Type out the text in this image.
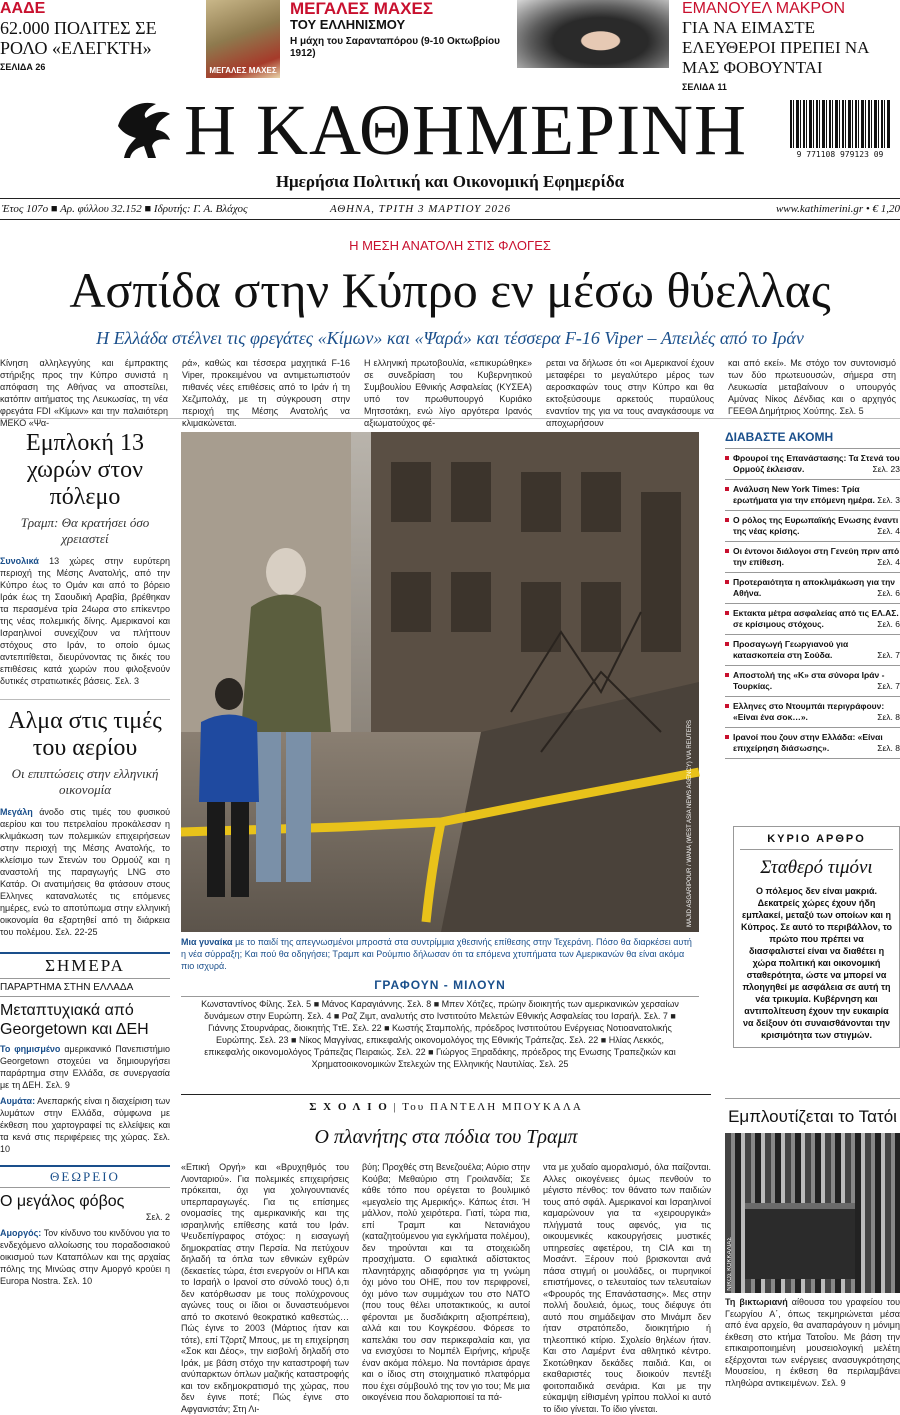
ΑΑΔΕ
62.000 ΠΟΛΙΤΕΣ ΣΕ ΡΟΛΟ «ΕΛΕΓΚΤΗ»
ΣΕΛΙΔΑ 26	ΜΕΓΑΛΕΣ ΜΑΧΕΣ
ΜΕΓΑΛΕΣ ΜΑΧΕΣ
ΤΟΥ ΕΛΛΗΝΙΣΜΟΥ
Η μάχη του Σαρανταπόρου (9-10 Οκτωβρίου 1912)
ΕΜΑΝΟΥΕΛ ΜΑΚΡΟΝ
ΓΙΑ ΝΑ ΕΙΜΑΣΤΕ ΕΛΕΥΘΕΡΟΙ ΠΡΕΠΕΙ ΝΑ ΜΑΣ ΦΟΒΟΥΝΤΑΙ
ΣΕΛΙΔΑ 11
Η ΚΑΘΗΜΕΡΙΝΗ	9 771108 979123 09
Ημερήσια Πολιτική και Οικονομική Εφημερίδα
Έτος 107ο ■ Αρ. φύλλου 32.152 ■ Ιδρυτής: Γ. Α. Βλάχος	ΑΘΗΝΑ, ΤΡΙΤΗ 3 ΜΑΡΤΙΟΥ 2026	www.kathimerini.gr • € 1,20
Η ΜΕΣΗ ΑΝΑΤΟΛΗ ΣΤΙΣ ΦΛΟΓΕΣ
Ασπίδα στην Κύπρο εν μέσω θύελλας
Η Ελλάδα στέλνει τις φρεγάτες «Κίμων» και «Ψαρά» και τέσσερα F-16 Viper – Απειλές από το Ιράν
Κίνηση αλληλεγγύης και έμπρακτης στήριξης προς την Κύπρο συνιστά η απόφαση της Αθήνας να αποστείλει, κατόπιν αιτήματος της Λευκωσίας, τη νέα φρεγάτα FDI «Κίμων» και την παλαιότερη ΜΕΚΟ «Ψα-
ρά», καθώς και τέσσερα μαχητικά F-16 Viper, προκειμένου να αντιμετωπιστούν πιθανές νέες επιθέσεις από το Ιράν ή τη Χεζμπολάχ, με τη σύγκρουση στην περιοχή της Μέσης Ανατολής να κλιμακώνεται.
Η ελληνική πρωτοβουλία, «επικυρώθηκε» σε συνεδρίαση του Κυβερνητικού Συμβουλίου Εθνικής Ασφαλείας (ΚΥΣΕΑ) υπό τον πρωθυπουργό Κυριάκο Μητσοτάκη, ενώ λίγο αργότερα Ιρανός αξιωματούχος φέ-
ρεται να δήλωσε ότι «οι Αμερικανοί έχουν μεταφέρει το μεγαλύτερο μέρος των αεροσκαφών τους στην Κύπρο και θα εκτοξεύσουμε αρκετούς πυραύλους εναντίον της για να τους αναγκάσουμε να αποχωρήσουν
και από εκεί». Με στόχο τον συντονισμό των δύο πρωτευουσών, σήμερα στη Λευκωσία μεταβαίνουν ο υπουργός Αμύνας Νίκος Δένδιας και ο αρχηγός ΓΕΕΘΑ Δημήτριος Χούπης. Σελ. 5
Εμπλοκή 13 χωρών στον πόλεμο
Τραμπ: Θα κρατήσει όσο χρειαστεί
Συνολικά 13 χώρες στην ευρύτερη περιοχή της Μέσης Ανατολής, από την Κύπρο έως το Ομάν και από το βόρειο Ιράκ έως τη Σαουδική Αραβία, βρέθηκαν τα περασμένα τρία 24ωρα στο επίκεντρο της νέας πολεμικής δίνης. Αμερικανοί και Ισραηλινοί συνεχίζουν να πλήττουν στόχους στο Ιράν, το οποίο όμως αντεπιτίθεται, διευρύνοντας τις δικές του επιθέσεις κατά χωρών που φιλοξενούν δυτικές στρατιωτικές βάσεις. Σελ. 3
Αλμα στις τιμές του αερίου
Οι επιπτώσεις στην ελληνική οικονομία
Μεγάλη άνοδο στις τιμές του φυσικού αερίου και του πετρελαίου προκάλεσαν η κλιμάκωση των πολεμικών επιχειρήσεων στην περιοχή της Μέσης Ανατολής, το κλείσιμο των Στενών του Ορμούζ και η αναστολή της παραγωγής LNG στο Κατάρ. Οι ανατιμήσεις θα φτάσουν στους Ελληνες καταναλωτές τις επόμενες ημέρες, ενώ το αποτύπωμα στην ελληνική οικονομία θα εξαρτηθεί από τη διάρκεια του πολέμου. Σελ. 22-25
ΣΗΜΕΡΑ
ΠΑΡΑΡΤΗΜΑ ΣΤΗΝ ΕΛΛΑΔΑ
Μεταπτυχιακά από Georgetown και ΔΕΗ
Το φημισμένο αμερικανικό Πανεπιστήμιο Georgetown στοχεύει να δημιουργήσει παράρτημα στην Ελλάδα, σε συνεργασία με τη ΔΕΗ. Σελ. 9
Αυμάτα: Ανεπαρκής είναι η διαχείριση των λυμάτων στην Ελλάδα, σύμφωνα με έκθεση που χαρτογραφεί τις ελλείψεις και τα κενά στις περιφέρειες της χώρας. Σελ. 10
ΘΕΩΡΕΙΟ
Ο μεγάλος φόβος
Σελ. 2
Αμοργός: Τον κίνδυνο του κινδύνου για το ενδεχόμενο αλλοίωσης του ποραδοσιακού οικισμού των Καταπόλων και της αρχαίας πόλης της Μινώας στην Αμοργό κρούει η Europa Nostra. Σελ. 10
MAJID ASGARIPOUR / WANA (WEST ASIA NEWS AGENCY) VIA REUTERS
Μια γυναίκα με το παιδί της απεγνωσμένοι μπροστά στα συντρίμμια χθεσινής επίθεσης στην Τεχεράνη. Πόσο θα διαρκέσει αυτή η νέα σύρραξη; Και πού θα οδηγήσει; Τραμπ και Ρούμπιο δήλωσαν ότι τα επόμενα χτυπήματα των Αμερικανών θα είναι ακόμα πιο ισχυρά.
ΔΙΑΒΑΣΤΕ ΑΚΟΜΗ
Φρουροί της Επανάστασης: Τα Στενά του Ορμούζ έκλεισαν.	Σελ. 23
Ανάλυση New York Times: Τρία ερωτήματα για την επόμενη ημέρα. Σελ. 3
Ο ρόλος της Ευρωπαϊκής Ενωσης έναντι της νέας κρίσης.	Σελ. 4
Οι έντονοι διάλογοι στη Γενεύη πριν από την επίθεση.	Σελ. 4
Προτεραιότητα η αποκλιμάκωση για την Αθήνα.	Σελ. 6
Εκτακτα μέτρα ασφαλείας από τις ΕΛ.ΑΣ. σε κρίσιμους στόχους.	Σελ. 6
Προσαγωγή Γεωργιανού για κατασκοπεία στη Σούδα.	Σελ. 7
Αποστολή της «Κ» στα σύνορα Ιράν - Τουρκίας.	Σελ. 7
Ελληνες στο Ντουμπάι περιγράφουν: «Είναι ένα σοκ…».	Σελ. 8
Ιρανοί που ζουν στην Ελλάδα: «Είναι επιχείρηση διάσωσης».	Σελ. 8
ΚΥΡΙΟ ΑΡΘΡΟ
Σταθερό τιμόνι
Ο πόλεμος δεν είναι μακριά. Δεκατρείς χώρες έχουν ήδη εμπλακεί, μεταξύ των οποίων και η Κύπρος. Σε αυτό το περιβάλλον, το πρώτο που πρέπει να διασφαλιστεί είναι να διαθέτει η χώρα πολιτική και οικονομική σταθερότητα, ώστε να μπορεί να πλοηγηθεί με ασφάλεια σε αυτή τη νέα τρικυμία. Κυβέρνηση και αντιπολίτευση έχουν την ευκαιρία να δείξουν ότι συναισθάνονται την κρισιμότητα των στιγμών.
ΓΡΑΦΟΥΝ - ΜΙΛΟΥΝ
Κωνσταντίνος Φίλης. Σελ. 5 ■ Μάνος Καραγιάννης. Σελ. 8 ■ Μπεν Χότζες, πρώην διοικητής των αμερικανικών χερσαίων δυνάμεων στην Ευρώπη. Σελ. 4 ■ Ραζ Ζιμτ, αναλυτής στο Ινστιτούτο Μελετών Εθνικής Ασφαλείας του Ισραήλ. Σελ. 7 ■ Γιάννης Στουρνάρας, διοικητής ΤτΕ. Σελ. 22 ■ Κωστής Σταμπολής, πρόεδρος Ινστιτούτου Ενέργειας Νοτιοανατολικής Ευρώπης. Σελ. 23 ■ Νίκος Μαγγίνας, επικεφαλής οικονομολόγος της Εθνικής Τράπεζας. Σελ. 22 ■ Ηλίας Λεκκός, επικεφαλής οικονομολόγος Τράπεζας Πειραιώς. Σελ. 22 ■ Γιώργος Ξηραδάκης, πρόεδρος της Ενωσης Τραπεζικών και Χρηματοοικονομικών Στελεχών της Ελληνικής Ναυτιλίας. Σελ. 25
Σ Χ Ο Λ Ι Ο | Του ΠΑΝΤΕΛΗ ΜΠΟΥΚΑΛΑ
Ο πλανήτης στα πόδια του Τραμπ
«Επική Οργή» και «Βρυχηθμός του Λιονταριού». Για πολεμικές επιχειρήσεις πρόκειται, όχι για χολιγουντιανές υπερπαραγωγές. Για τις επίσημες ονομασίες της αμερικανικής και της ισραηλινής επίθεσης κατά του Ιράν. Ψευδεπίγραφος στόχος: η εισαγωγή δημοκρατίας στην Περσία. Να πετύχουν δηλαδή τα όπλα των εθνικών εχθρών (δεκαετίες τώρα, έτσι ενεργούν οι ΗΠΑ και το Ισραήλ ο Ιρανοί στο σύνολό τους) ό,τι δεν κατόρθωσαν με τους πολύχρονους αγώνες τους οι ίδιοι οι δυναστευόμενοι από το σκοτεινό θεοκρατικό καθεστώς… Πώς έγινε το 2003 (Μάρτιος ήταν και τότε), επί Τζορτζ Μπους, με τη επιχείρηση «Σοκ και Δέος», την εισβολή δηλαδή στο Ιράκ, με βάση στόχο την καταστροφή των ανύπαρκτων όπλων μαζικής καταστροφής και τον εκδημοκρατισμό της χώρας, που δεν έγινε ποτέ; Πώς έγινε στο Αφγανιστάν; Στη Λι-
βύη; Προχθές στη Βενεζουέλα; Αύριο στην Κούβα; Μεθαύριο στη Γροιλανδία; Σε κάθε τόπο που ορέγεται το βουλιμικό «μεγαλείο της Αμερικής». Κάπως έτσι. Ή μάλλον, πολύ χειρότερα. Γιατί, τώρα πια, επί Τραμπ και Νετανιάχου (καταζητούμενου για εγκλήματα πολέμου), δεν τηρούνται και τα στοιχειώδη προσχήματα. Ο εφιαλτικά αδίστακτος πλανητάρχης αδιαφόρησε για τη γνώμη όχι μόνο του ΟΗΕ, που τον περιφρονεί, όχι μόνο των συμμάχων του στο ΝΑΤΟ (που τους θέλει υποτακτικούς, κι αυτοί φέρονται με δυσδιάκριτη αξιοπρέπεια), αλλά και του Κογκρέσου. Φόρεσε το καπελάκι του σαν περικεφαλαία και, για να ενισχύσει το Νομπέλ Ειρήνης, κήρυξε έναν ακόμα πόλεμο. Να ποντάρισε άραγε και ο ίδιος στη στοιχηματικό πλατφόρμα που έχει σύμβουλό της τον γιο του; Με μια οικογένεια που δολαριοποιεί τα πά-
ντα με χυδαίο αμοραλισμό, όλα παίζονται. Αλλες οικογένειες όμως πενθούν το μέγιστο πένθος: τον θάνατο των παιδιών τους από σφάλ. Αμερικανοί και Ισραηλινοί καμαρώνουν για τα «χειρουργικά» πλήγματά τους αφενός, για τις οικουμενικές κακουργήσεις μυστικές υπηρεσίες αφετέρου, τη CIA και τη Μοσάντ. Ξέρουν πού βρισκονται ανά πάσα στιγμή οι μουλάδες, οι πυρηνικοί επιστήμονες, ο τελευταίος των τελευταίων «Φρουρός της Επανάστασης». Μες στην πολλή δουλειά, όμως, τους διέφυγε ότι αυτό που σημάδεψαν στο Μινάμπ δεν ήταν στρατόπεδο, διοικητήριο ή τηλεοπτικό κτίριο. Σχολείο θηλέων ήταν. Και στο Λαμέρντ ένα αθλητικό κέντρο. Σκοτώθηκαν δεκάδες παιδιά. Και, οι εκαθαριστές τους διοικούν πεντέξι φοιτοπαιδικά σενάρια. Και με την εύκαμψη είθισμένη γρίπου πολλοί κι αυτό το ίδιο γίνεται. Το ίδιο γίνεται.
Εμπλουτίζεται το Τατόι
ΝΙΚΟΣ ΚΟΚΚΑΛΙΑΣ
Τη βικτωριανή αίθουσα του γραφείου του Γεωργίου Α΄, όπως τεκμηριώνεται μέσα από ένα αρχείο, θα αναπαράγουν η μόνιμη έκθεση στο κτήμα Τατοΐου. Με βάση την επικαιροποιημένη μουσειολογική μελέτη εξέρχονται των ενέργειες ανασυγκρότησης Μουσείου, η έκθεση θα περιλαμβάνει πληθώρα αντικειμένων. Σελ. 9
